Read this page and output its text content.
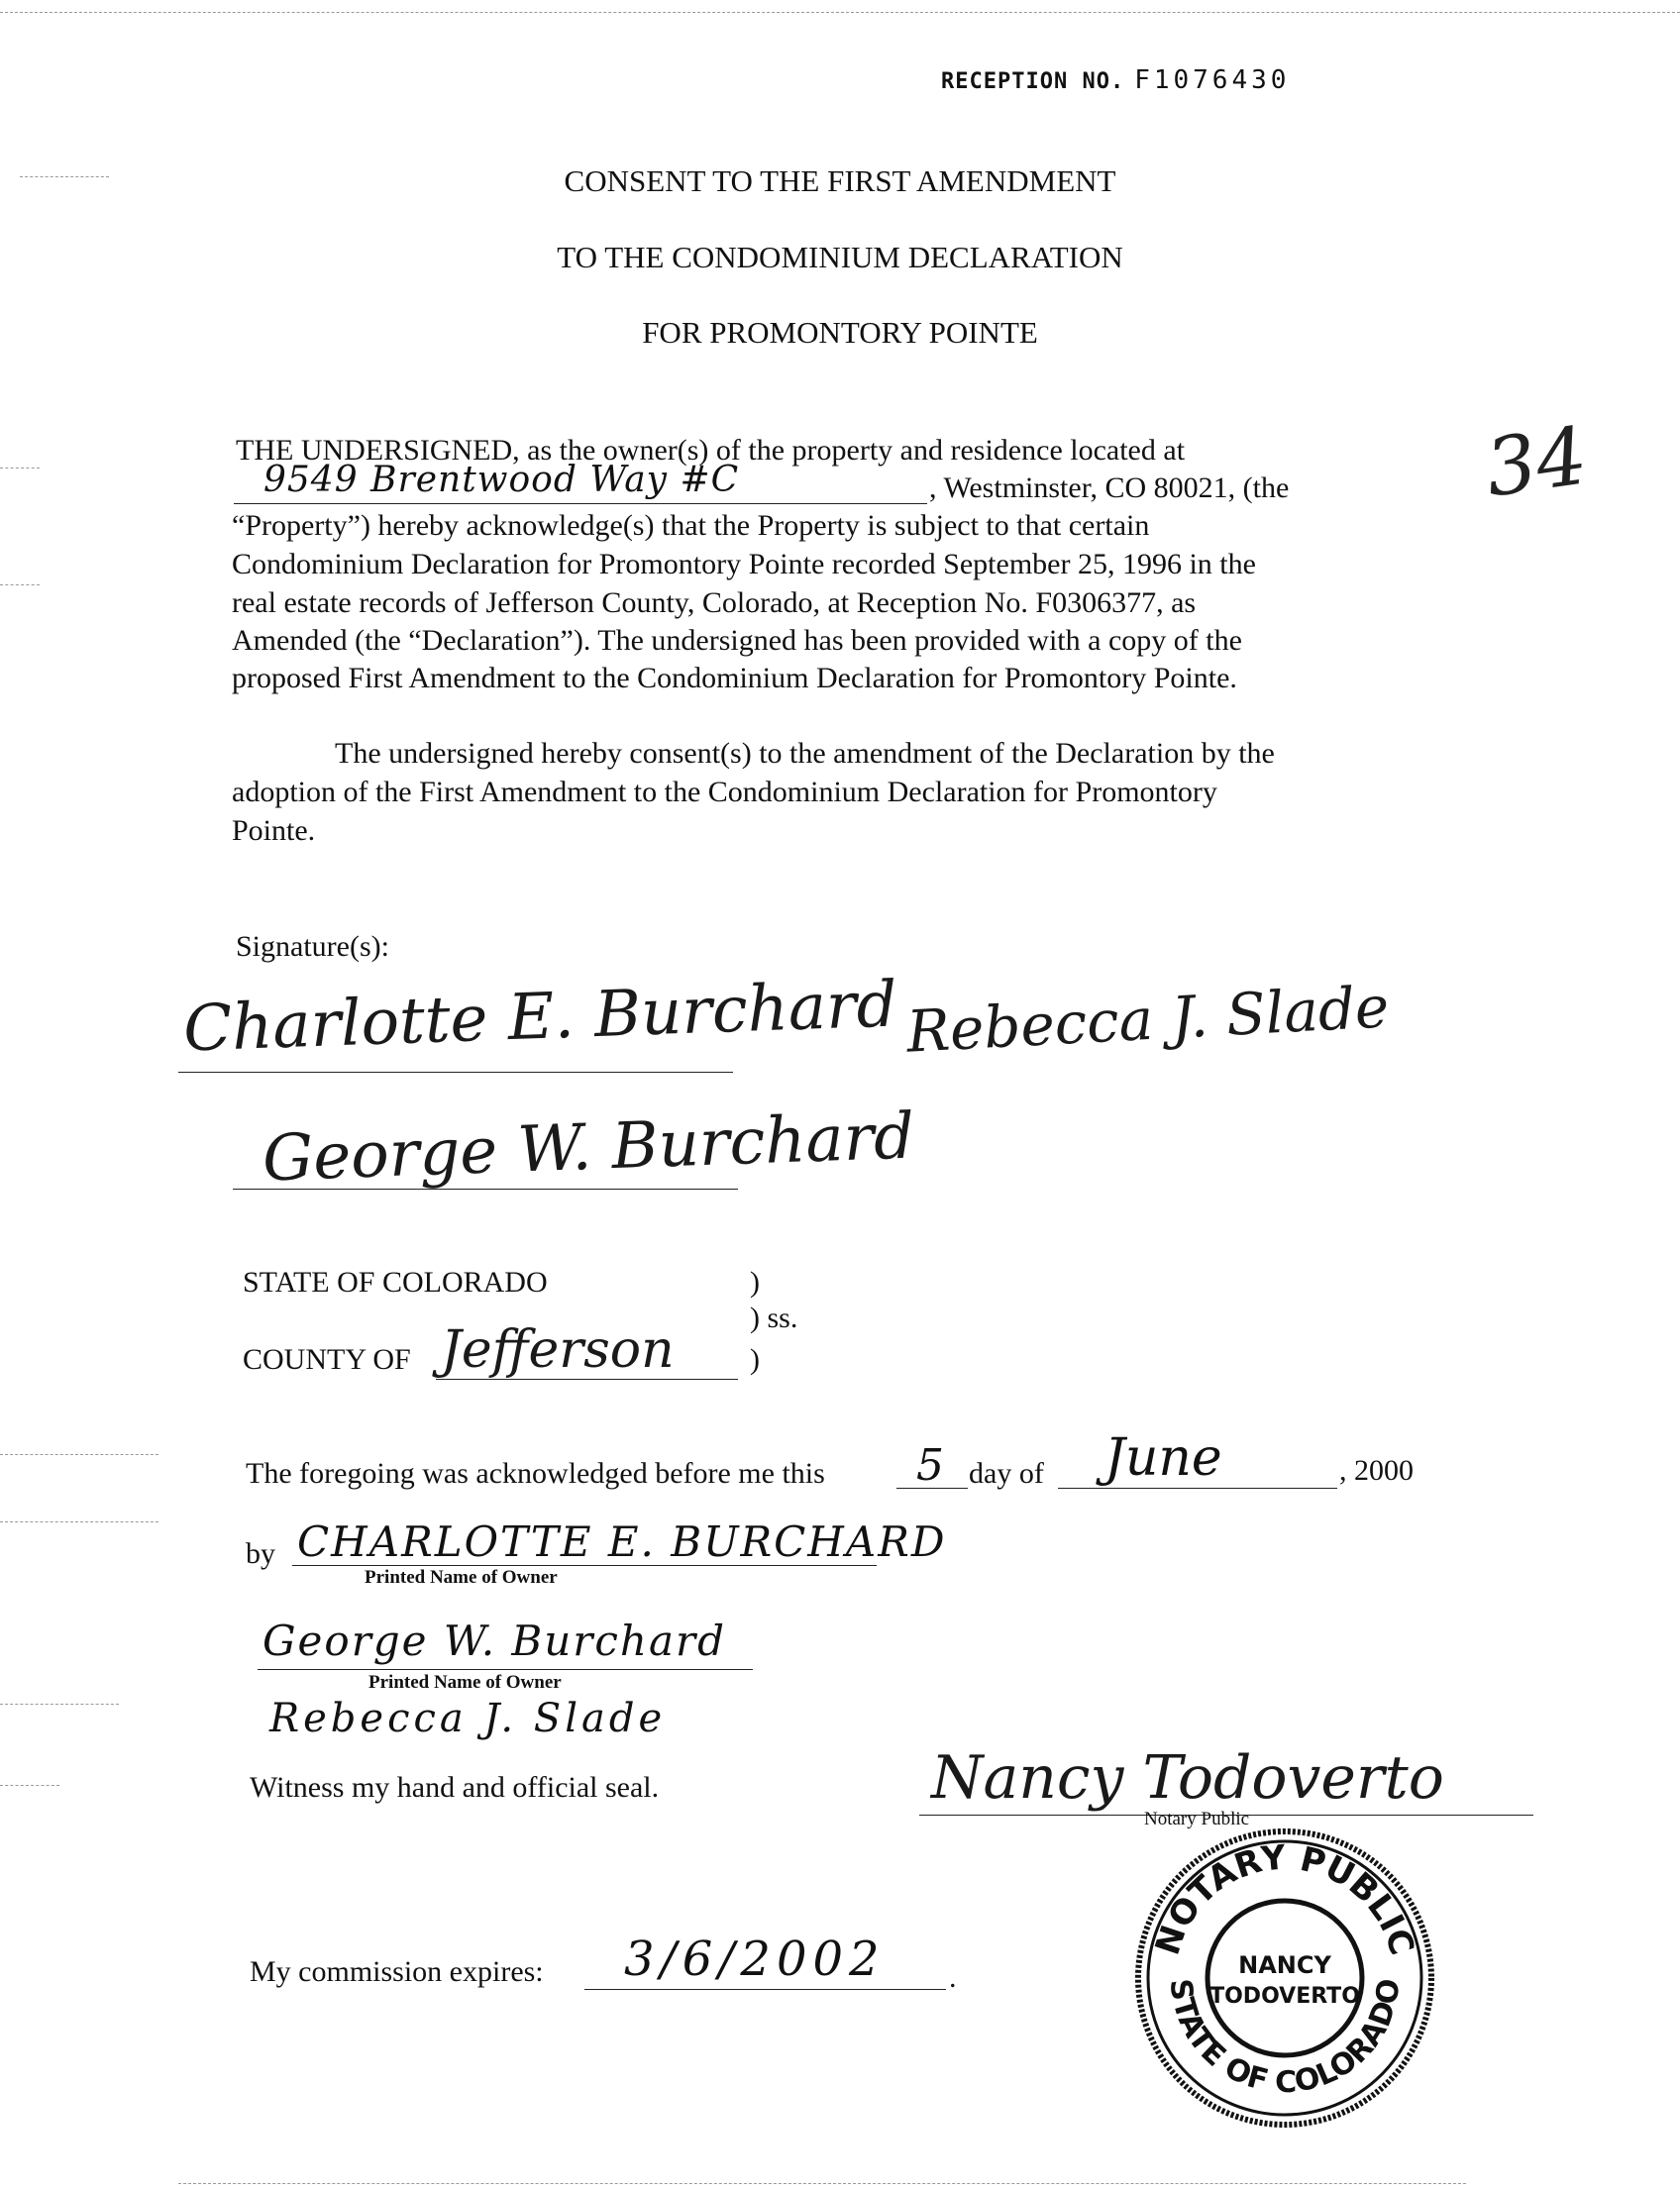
RECEPTION NO. F1076430
CONSENT TO THE FIRST AMENDMENT
TO THE CONDOMINIUM DECLARATION
FOR PROMONTORY POINTE
34
THE UNDERSIGNED, as the owner(s) of the property and residence located at
9549 Brentwood Way #C	, Westminster, CO 80021, (the
“Property”) hereby acknowledge(s) that the Property is subject to that certain
Condominium Declaration for Promontory Pointe recorded September 25, 1996 in the
real estate records of Jefferson County, Colorado, at Reception No. F0306377, as
Amended (the “Declaration”). The undersigned has been provided with a copy of the
proposed First Amendment to the Condominium Declaration for Promontory Pointe.
The undersigned hereby consent(s) to the amendment of the Declaration by the
adoption of the First Amendment to the Condominium Declaration for Promontory
Pointe.
Signature(s):
Charlotte E. Burchard Rebecca J. Slade
George W. Burchard
STATE OF COLORADO	)
) ss.
COUNTY OF Jefferson	)
The foregoing was acknowledged before me this 5 day of June	, 2000
by CHARLOTTE E. BURCHARD
Printed Name of Owner
George W. Burchard
Printed Name of Owner
Rebecca J. Slade
Witness my hand and official seal.	Nancy Todoverto
Notary Public
My commission expires: 3/6/2002 .
NOTARY PUBLIC
STATE OF COLORADO
NANCY
TODOVERTO
